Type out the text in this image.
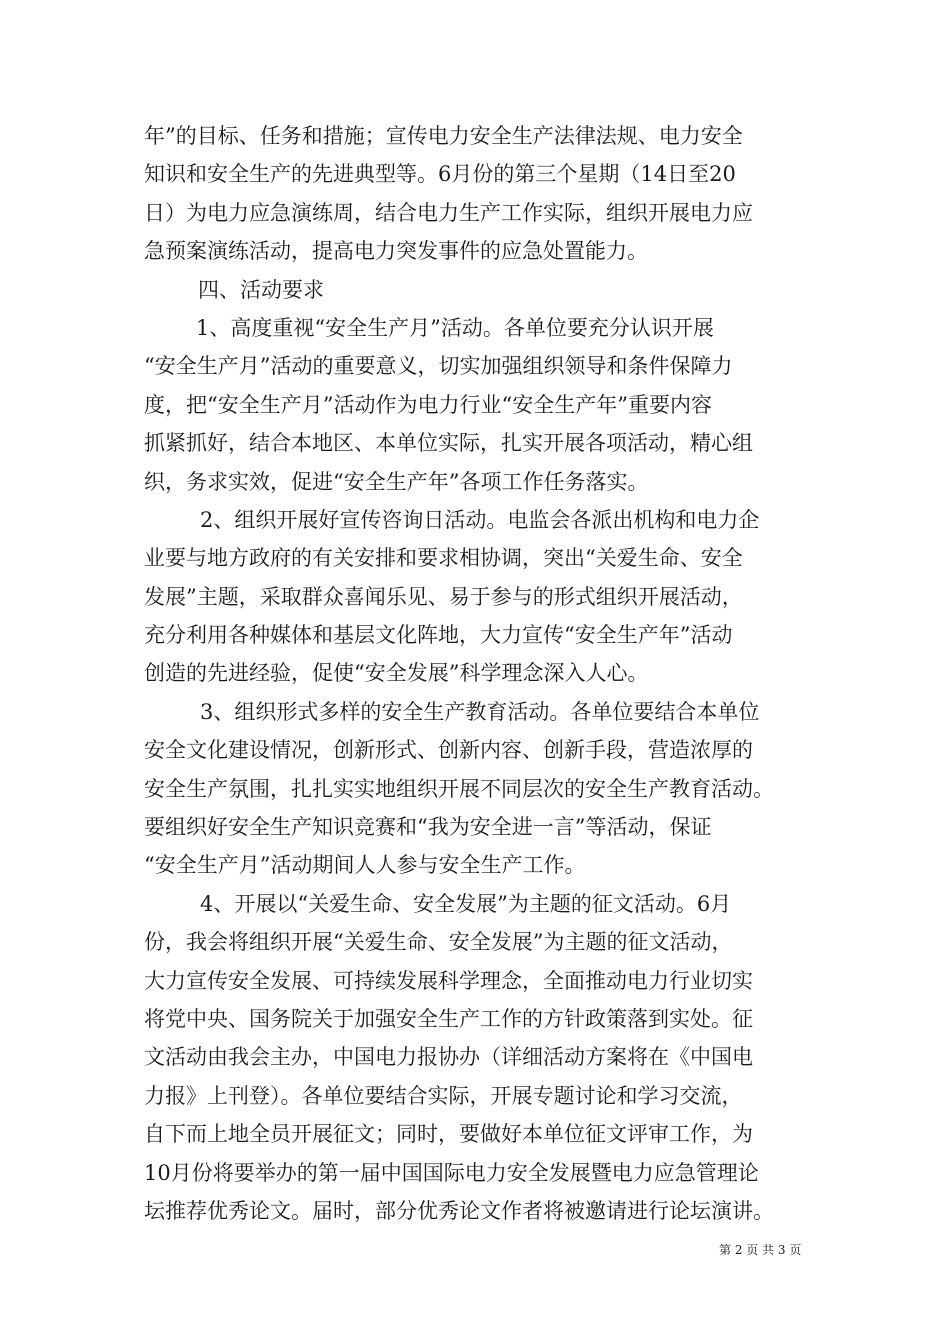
年”的目标、任务和措施；宣传电力安全生产法律法规、电力安全
知识和安全生产的先进典型等。6月份的第三个星期（14日至20
日）为电力应急演练周，结合电力生产工作实际，组织开展电力应
急预案演练活动，提高电力突发事件的应急处置能力。
四、活动要求
1、高度重视“安全生产月”活动。各单位要充分认识开展
“安全生产月”活动的重要意义，切实加强组织领导和条件保障力
度，把“安全生产月”活动作为电力行业“安全生产年”重要内容
抓紧抓好，结合本地区、本单位实际，扎实开展各项活动，精心组
织，务求实效，促进“安全生产年”各项工作任务落实。
2、组织开展好宣传咨询日活动。电监会各派出机构和电力企
业要与地方政府的有关安排和要求相协调，突出“关爱生命、安全
发展”主题，采取群众喜闻乐见、易于参与的形式组织开展活动，
充分利用各种媒体和基层文化阵地，大力宣传“安全生产年”活动
创造的先进经验，促使“安全发展”科学理念深入人心。
3、组织形式多样的安全生产教育活动。各单位要结合本单位
安全文化建设情况，创新形式、创新内容、创新手段，营造浓厚的
安全生产氛围，扎扎实实地组织开展不同层次的安全生产教育活动。
要组织好安全生产知识竞赛和“我为安全进一言”等活动，保证
“安全生产月”活动期间人人参与安全生产工作。
4、开展以“关爱生命、安全发展”为主题的征文活动。6月
份，我会将组织开展“关爱生命、安全发展”为主题的征文活动，
大力宣传安全发展、可持续发展科学理念，全面推动电力行业切实
将党中央、国务院关于加强安全生产工作的方针政策落到实处。征
文活动由我会主办，中国电力报协办（详细活动方案将在《中国电
力报》上刊登）。各单位要结合实际，开展专题讨论和学习交流，
自下而上地全员开展征文；同时，要做好本单位征文评审工作，为
10月份将要举办的第一届中国国际电力安全发展暨电力应急管理论
坛推荐优秀论文。届时，部分优秀论文作者将被邀请进行论坛演讲。
第 2 页 共 3 页
